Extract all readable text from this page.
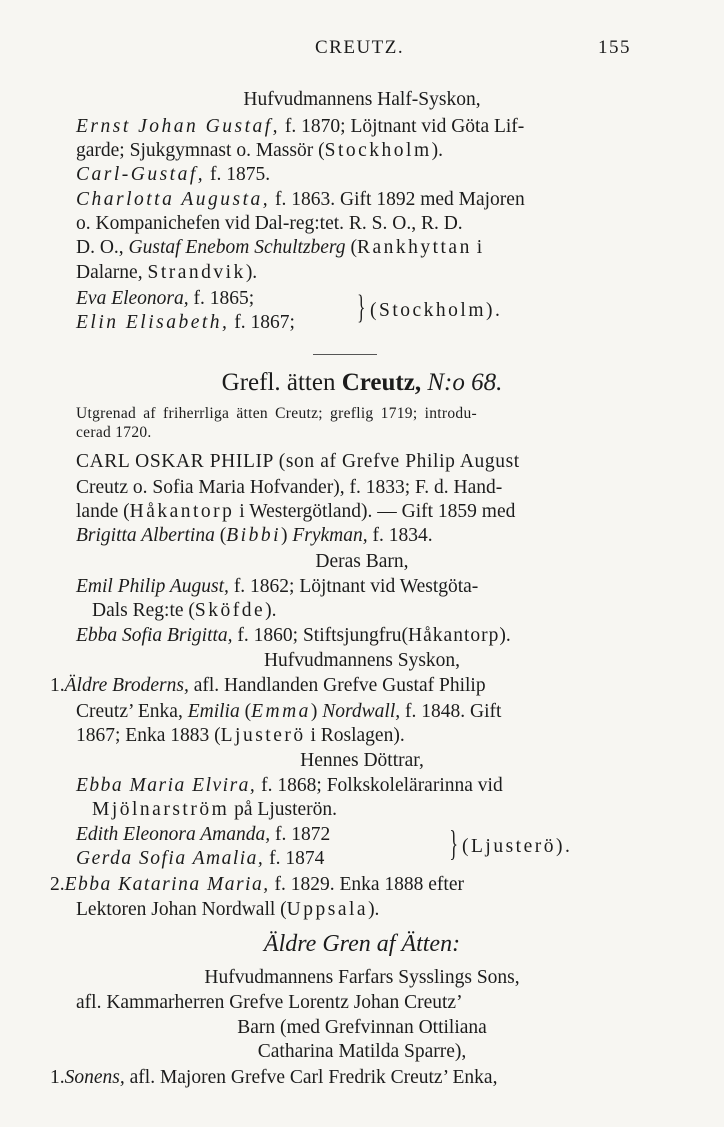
CREUTZ.	155
Hufvudmannens Half-Syskon,
Ernst Johan Gustaf, f. 1870; Löjtnant vid Göta Lif-
garde; Sjukgymnast o. Massör (Stockholm).
Carl-Gustaf, f. 1875.
Charlotta Augusta, f. 1863. Gift 1892 med Majoren
o. Kompanichefen vid Dal-reg:tet. R. S. O., R. D.
D. O., Gustaf Enebom Schultzberg (Rankhyttan i
Dalarne, Strandvik).
Eva Eleonora, f. 1865;
Elin Elisabeth, f. 1867;	} (Stockholm).
Grefl. ätten Creutz, N:o 68.
Utgrenad af friherrliga ätten Creutz; greflig 1719; introdu-
cerad 1720.
CARL OSKAR PHILIP (son af Grefve Philip August
Creutz o. Sofia Maria Hofvander), f. 1833; F. d. Hand-
lande (Håkantorp i Westergötland). — Gift 1859 med
Brigitta Albertina (Bibbi) Frykman, f. 1834.
Deras Barn,
Emil Philip August, f. 1862; Löjtnant vid Westgöta-
Dals Reg:te (Sköfde).
Ebba Sofia Brigitta, f. 1860; Stiftsjungfru(Håkantorp).
Hufvudmannens Syskon,
1.Äldre Broderns, afl. Handlanden Grefve Gustaf Philip
Creutz’ Enka, Emilia (Emma) Nordwall, f. 1848. Gift
1867; Enka 1883 (Ljusterö i Roslagen).
Hennes Döttrar,
Ebba Maria Elvira, f. 1868; Folkskolelärarinna vid
Mjölnarström på Ljusterön.
Edith Eleonora Amanda, f. 1872
Gerda Sofia Amalia, f. 1874	} (Ljusterö).
2.Ebba Katarina Maria, f. 1829. Enka 1888 efter
Lektoren Johan Nordwall (Uppsala).
Äldre Gren af Ätten:
Hufvudmannens Farfars Sysslings Sons,
afl. Kammarherren Grefve Lorentz Johan Creutz’
Barn (med Grefvinnan Ottiliana
Catharina Matilda Sparre),
1.Sonens, afl. Majoren Grefve Carl Fredrik Creutz’ Enka,
